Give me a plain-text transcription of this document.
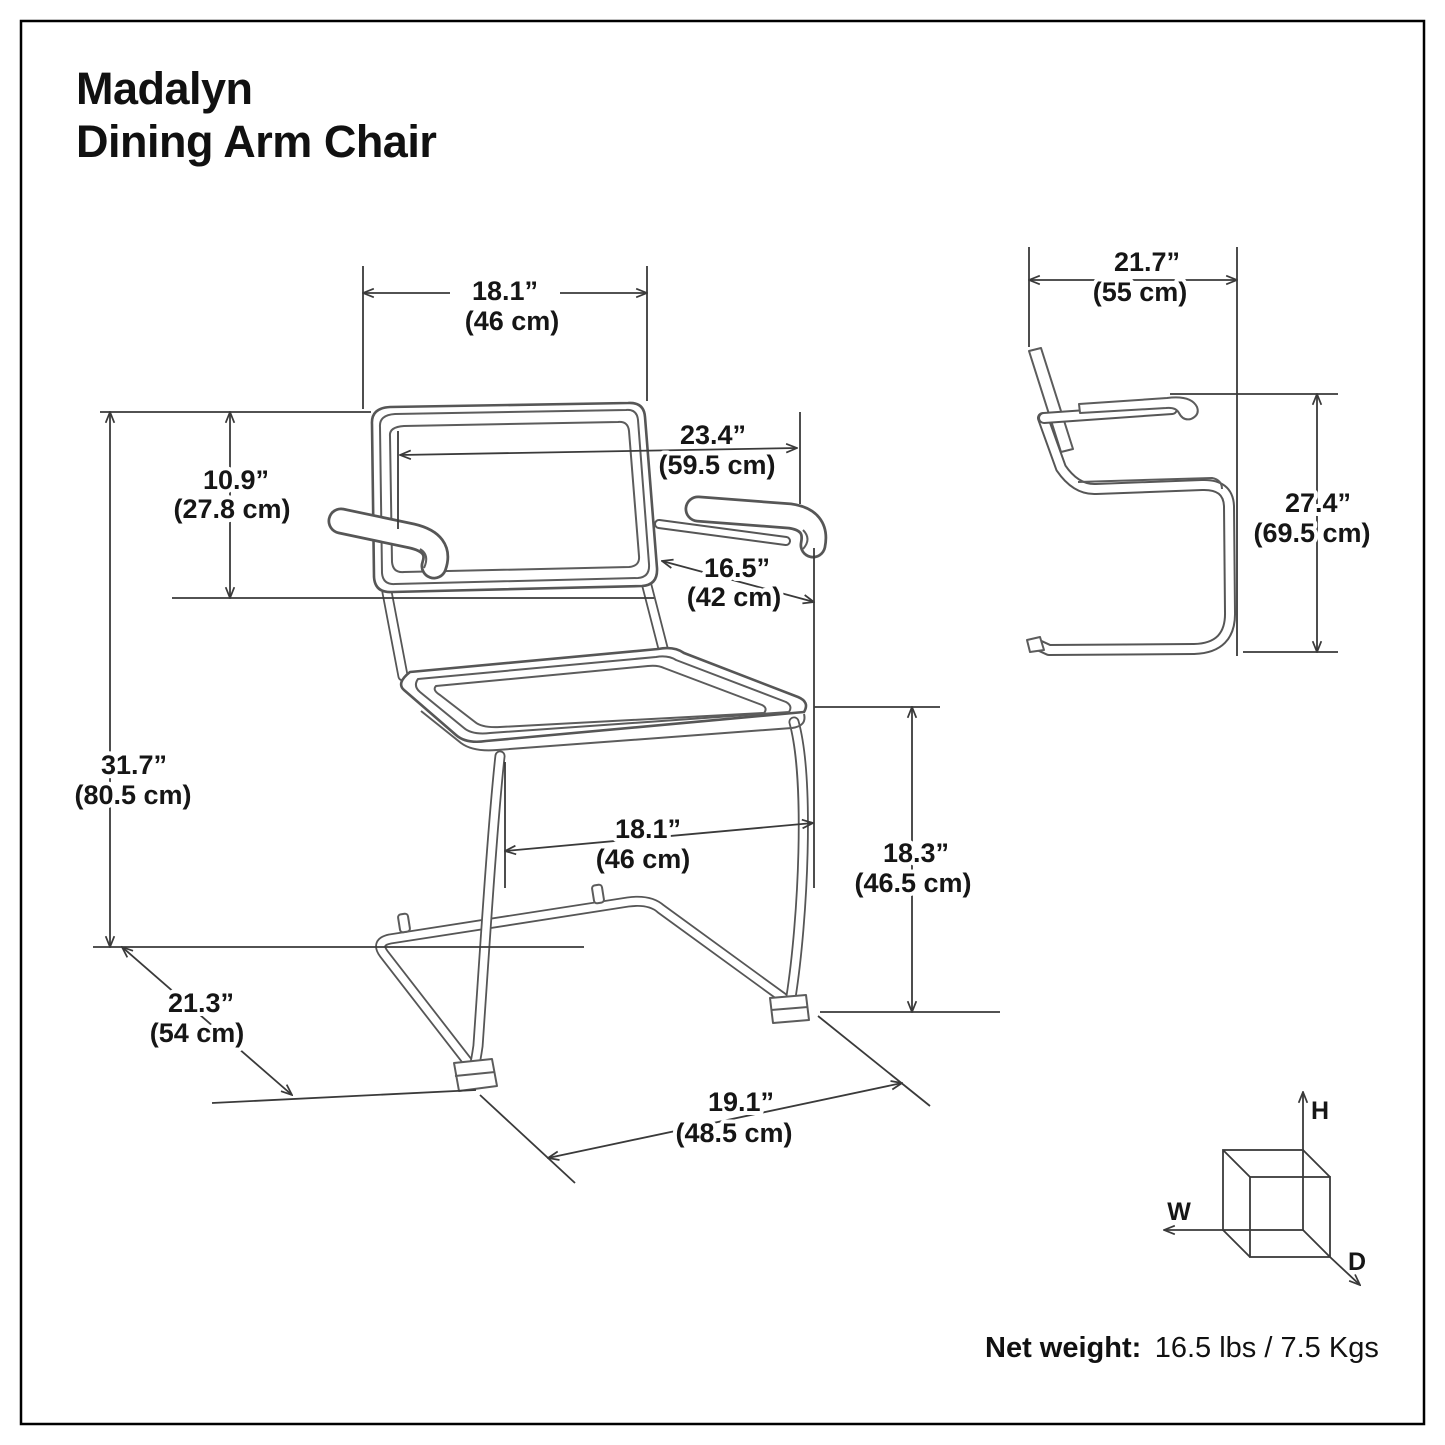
Madalyn
Dining Arm Chair
18.1”
(46 cm)
10.9”
(27.8 cm)
31.7”
(80.5 cm)
23.4”
(59.5 cm)
16.5”
(42 cm)
18.1”
(46 cm)	18.3”
(46.5 cm)
21.3”
(54 cm)
19.1”
(48.5 cm)
21.7”
(55 cm)
27.4”
(69.5 cm)
H
W
D
Net weight: 16.5 lbs / 7.5 Kgs
